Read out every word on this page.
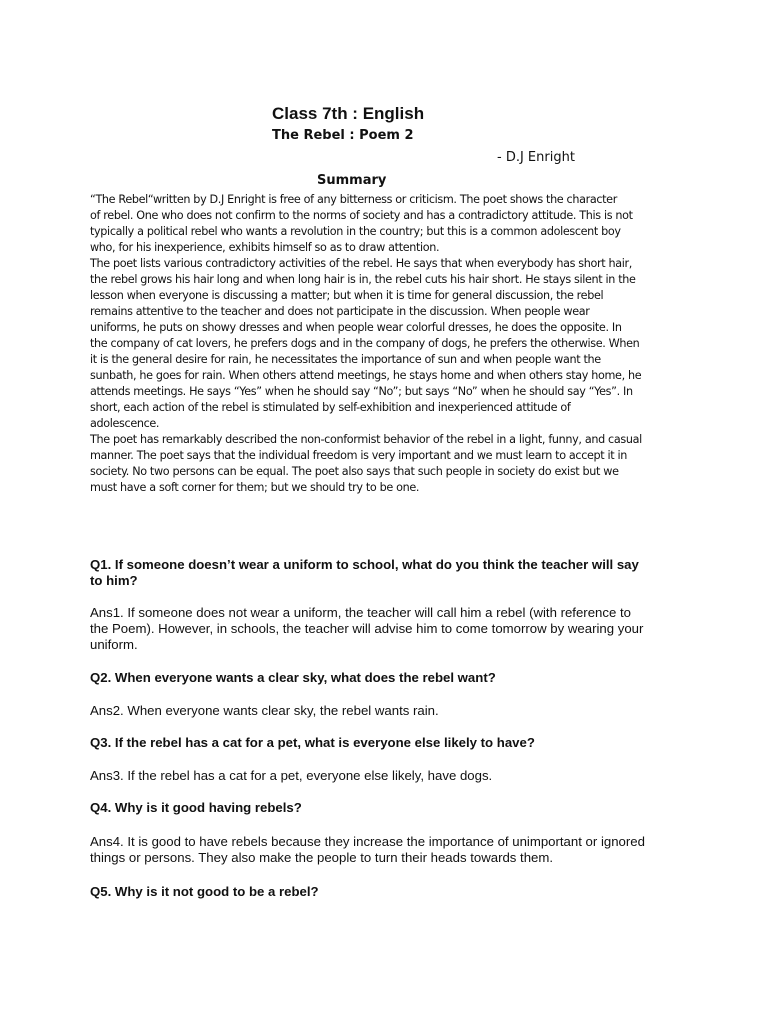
Class 7th : English
The Rebel : Poem 2
- D.J Enright
Summary

“The Rebel“written by D.J Enright is free of any bitterness or criticism. The poet shows the character

of rebel. One who does not confirm to the norms of society and has a contradictory attitude. This is not

typically a political rebel who wants a revolution in the country; but this is a common adolescent boy

who, for his inexperience, exhibits himself so as to draw attention.

The poet lists various contradictory activities of the rebel. He says that when everybody has short hair,

the rebel grows his hair long and when long hair is in, the rebel cuts his hair short. He stays silent in the

lesson when everyone is discussing a matter; but when it is time for general discussion, the rebel

remains attentive to the teacher and does not participate in the discussion. When people wear

uniforms, he puts on showy dresses and when people wear colorful dresses, he does the opposite. In

the company of cat lovers, he prefers dogs and in the company of dogs, he prefers the otherwise. When

it is the general desire for rain, he necessitates the importance of sun and when people want the

sunbath, he goes for rain. When others attend meetings, he stays home and when others stay home, he

attends meetings. He says “Yes” when he should say “No”; but says “No” when he should say “Yes”. In

short, each action of the rebel is stimulated by self-exhibition and inexperienced attitude of

adolescence.

The poet has remarkably described the non-conformist behavior of the rebel in a light, funny, and casual

manner. The poet says that the individual freedom is very important and we must learn to accept it in

society. No two persons can be equal. The poet also says that such people in society do exist but we

must have a soft corner for them; but we should try to be one.

Q1. If someone doesn’t wear a uniform to school, what do you think the teacher will say
to him?
Ans1. If someone does not wear a uniform, the teacher will call him a rebel (with reference to
the Poem). However, in schools, the teacher will advise him to come tomorrow by wearing your
uniform.
Q2. When everyone wants a clear sky, what does the rebel want?
Ans2. When everyone wants clear sky, the rebel wants rain.
Q3. If the rebel has a cat for a pet, what is everyone else likely to have?
Ans3. If the rebel has a cat for a pet, everyone else likely, have dogs.
Q4. Why is it good having rebels?
Ans4. It is good to have rebels because they increase the importance of unimportant or ignored
things or persons. They also make the people to turn their heads towards them.
Q5. Why is it not good to be a rebel?
